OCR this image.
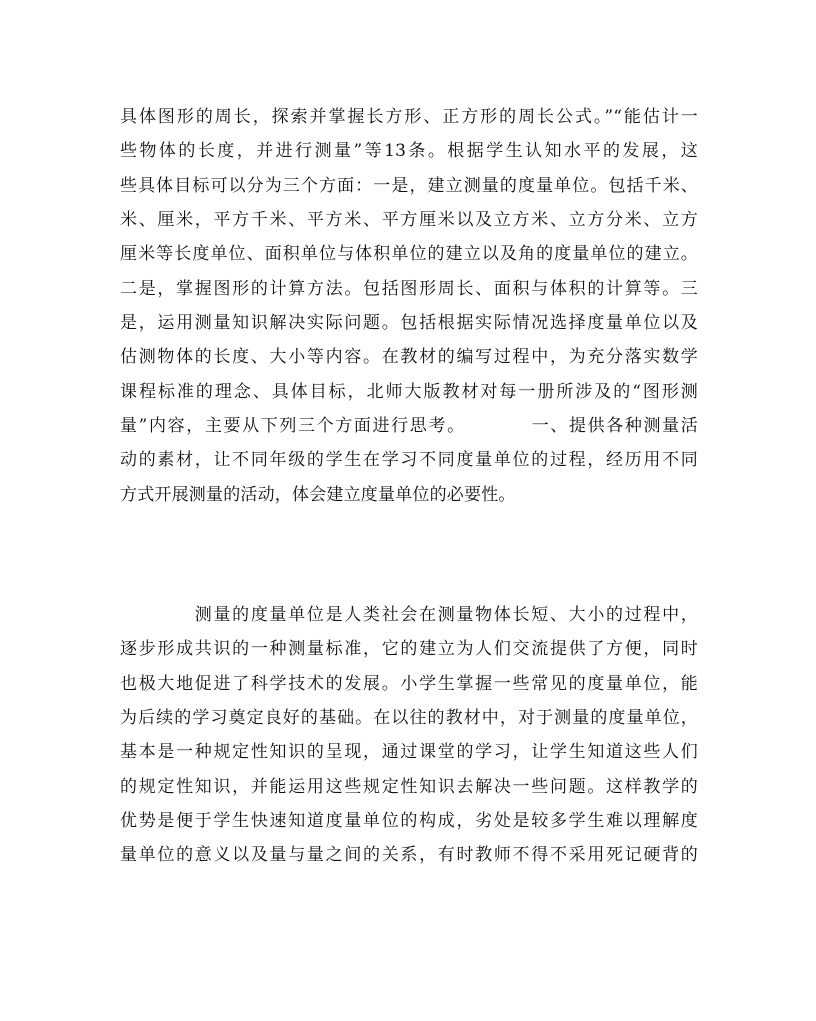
具体图形的周长，探索并掌握长方形、正方形的周长公式。”“能估计一
些物体的长度，并进行测量”等13条。根据学生认知水平的发展，这
些具体目标可以分为三个方面：一是，建立测量的度量单位。包括千米、
米、厘米，平方千米、平方米、平方厘米以及立方米、立方分米、立方
厘米等长度单位、面积单位与体积单位的建立以及角的度量单位的建立。
二是，掌握图形的计算方法。包括图形周长、面积与体积的计算等。三
是，运用测量知识解决实际问题。包括根据实际情况选择度量单位以及
估测物体的长度、大小等内容。在教材的编写过程中，为充分落实数学
课程标准的理念、具体目标，北师大版教材对每一册所涉及的“图形测
量”内容，主要从下列三个方面进行思考。　　　　一、提供各种测量活
动的素材，让不同年级的学生在学习不同度量单位的过程，经历用不同
方式开展测量的活动，体会建立度量单位的必要性。
　　　　测量的度量单位是人类社会在测量物体长短、大小的过程中，
逐步形成共识的一种测量标准，它的建立为人们交流提供了方便，同时
也极大地促进了科学技术的发展。小学生掌握一些常见的度量单位，能
为后续的学习奠定良好的基础。在以往的教材中，对于测量的度量单位，
基本是一种规定性知识的呈现，通过课堂的学习，让学生知道这些人们
的规定性知识，并能运用这些规定性知识去解决一些问题。这样教学的
优势是便于学生快速知道度量单位的构成，劣处是较多学生难以理解度
量单位的意义以及量与量之间的关系，有时教师不得不采用死记硬背的
